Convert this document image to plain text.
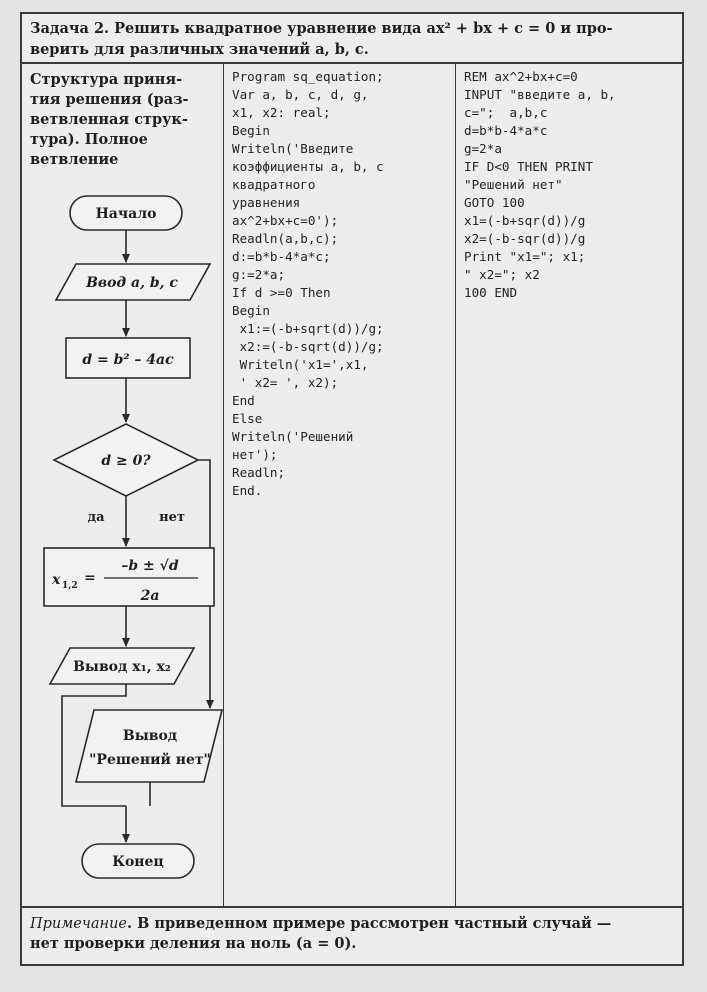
Задача 2. Решить квадратное уравнение вида ax² + bx + c = 0 и про-
верить для различных значений a, b, c.
Структура приня-
тия решения (раз-
ветвленная струк-
тура). Полное
ветвление
Начало
Ввод a, b, c
d = b² – 4ac
d ≥ 0?
да	нет
x 1,2 =
–b ± √d
2a
Вывод x₁, x₂
Вывод
"Решений нет"
Конец
Program sq_equation;
Var a, b, c, d, g,
x1, x2: real;
Begin
Writeln('Введите
коэффициенты a, b, c
квадратного
уравнения
ax^2+bx+c=0');
Readln(a,b,c);
d:=b*b-4*a*c;
g:=2*a;
If d >=0 Then
Begin
x1:=(-b+sqrt(d))/g;
x2:=(-b-sqrt(d))/g;
Writeln('x1=',x1,
' x2= ', x2);
End
Else
Writeln('Решений
нет');
Readln;
End.
REM ax^2+bx+c=0
INPUT "введите a, b,
c=";  a,b,c
d=b*b-4*a*c
g=2*a
IF D<0 THEN PRINT
"Решений нет"
GOTO 100
x1=(-b+sqr(d))/g
x2=(-b-sqr(d))/g
Print "x1="; x1;
" x2="; x2
100 END
Примечание. В приведенном примере рассмотрен частный случай —
нет проверки деления на ноль (a = 0).
